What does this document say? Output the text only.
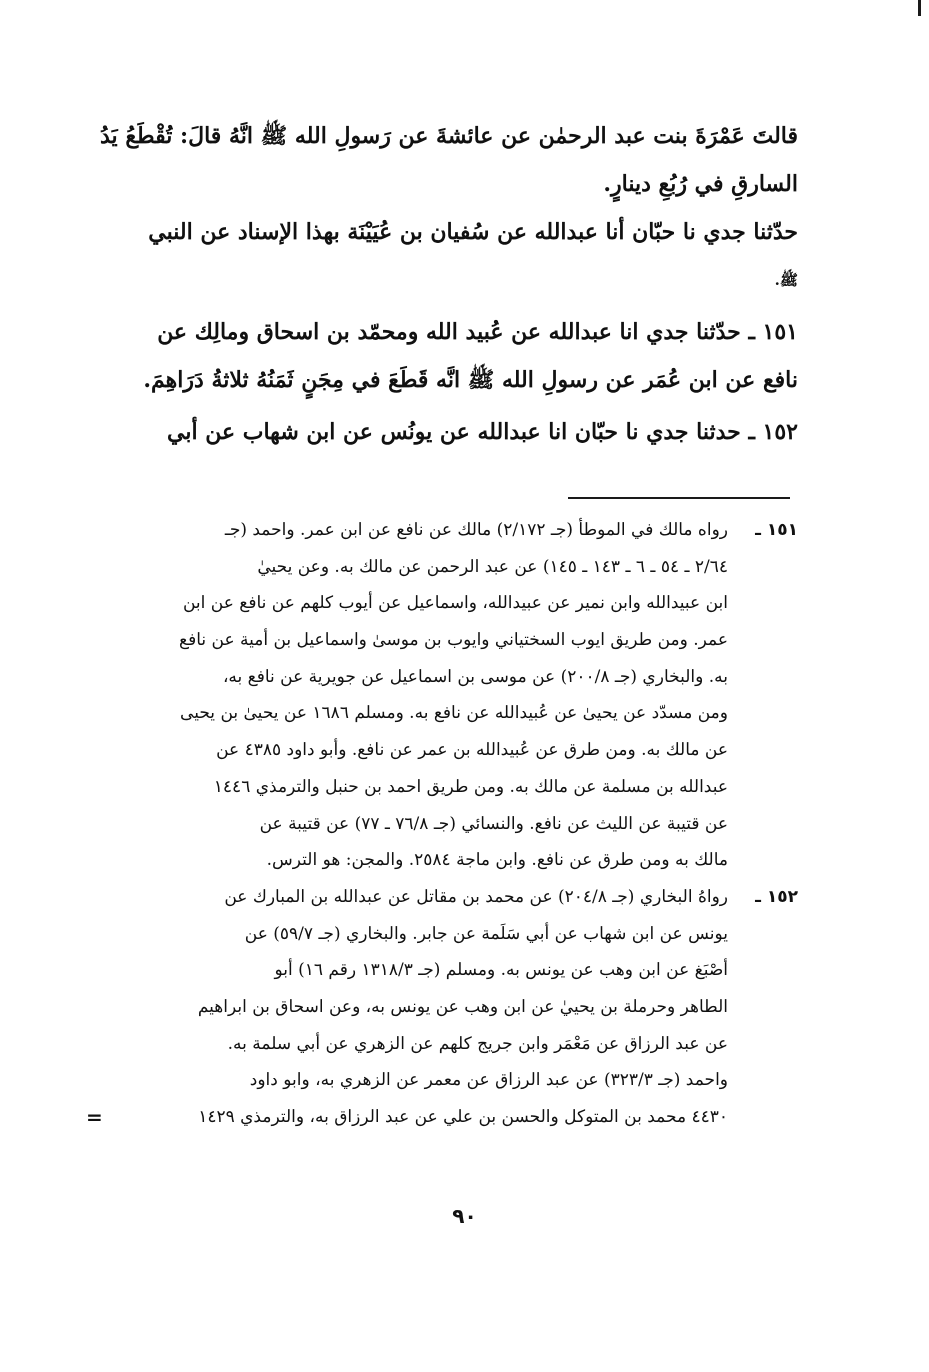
قالتَ عَمْرَةَ بنت عبد الرحمٰن عن عائشةَ عن رَسولِ الله ﷺ انَّهُ قالَ: تُقْطَعُ يَدُ
السارقِ في رُبُعِ دينارٍ.
حدّثنا جدي نا حبّان أنا عبدالله عن سُفيان بن عُيَيْنَة بهذا الإسناد عن النبي
ﷺ.
١٥١ ـ حدّثنا جدي انا عبدالله عن عُبيد الله ومحمّد بن اسحاق ومالِك عن
نافع عن ابن عُمَر عن رسولِ الله ﷺ انَّه قَطَعَ في مِجَنٍ ثَمَنُهُ ثلاثةُ دَرَاهِمَ.
١٥٢ ـ حدثنا جدي نا حبّان انا عبدالله عن يونُس عن ابن شهاب عن أبي
١٥١ ـ
رواه مالك في الموطأ (جـ ٢/١٧٢) مالك عن نافع عن ابن عمر. واحمد (جـ
٢/٦٤ ـ ٥٤ ـ ٦ ـ ١٤٣ ـ ١٤٥) عن عبد الرحمن عن مالك به. وعن يحييٰ
ابن عبيدالله وابن نمير عن عبيدالله، واسماعيل عن أيوب كلهم عن نافع عن ابن
عمر. ومن طريق ايوب السختياني وايوب بن موسىٰ واسماعيل بن أمية عن نافع
به. والبخاري (جـ ٢٠٠/٨) عن موسى بن اسماعيل عن جويرية عن نافع به،
ومن مسدّد عن يحيىٰ عن عُبيدالله عن نافع به. ومسلم ١٦٨٦ عن يحيىٰ بن يحيى
عن مالك به. ومن طرق عن عُبيدالله بن عمر عن نافع. وأبو داود ٤٣٨٥ عن
عبدالله بن مسلمة عن مالك به. ومن طريق احمد بن حنبل والترمذي ١٤٤٦
عن قتيبة عن الليث عن نافع. والنسائي (جـ ٧٦/٨ ـ ٧٧) عن قتيبة عن
مالك به ومن طرق عن نافع. وابن ماجة ٢٥٨٤. والمجن: هو الترس.
١٥٢ ـ
رواهُ البخاري (جـ ٢٠٤/٨) عن محمد بن مقاتل عن عبدالله بن المبارك عن
يونس عن ابن شهاب عن أبي سَلَمة عن جابر. والبخاري (جـ ٥٩/٧) عن
أصْبَغ عن ابن وهب عن يونس به. ومسلم (جـ ١٣١٨/٣ رقم ١٦) أبو
الطاهر وحرملة بن يحييٰ عن ابن وهب عن يونس به، وعن اسحاق بن ابراهيم
عن عبد الرزاق عن مَعْمَر وابن جريج كلهم عن الزهري عن أبي سلمة به.
واحمد (جـ ٣٢٣/٣) عن عبد الرزاق عن معمر عن الزهري به، وابو داود
٤٤٣٠ محمد بن المتوكل والحسن بن علي عن عبد الرزاق به، والترمذي ١٤٢٩
=
٩٠
